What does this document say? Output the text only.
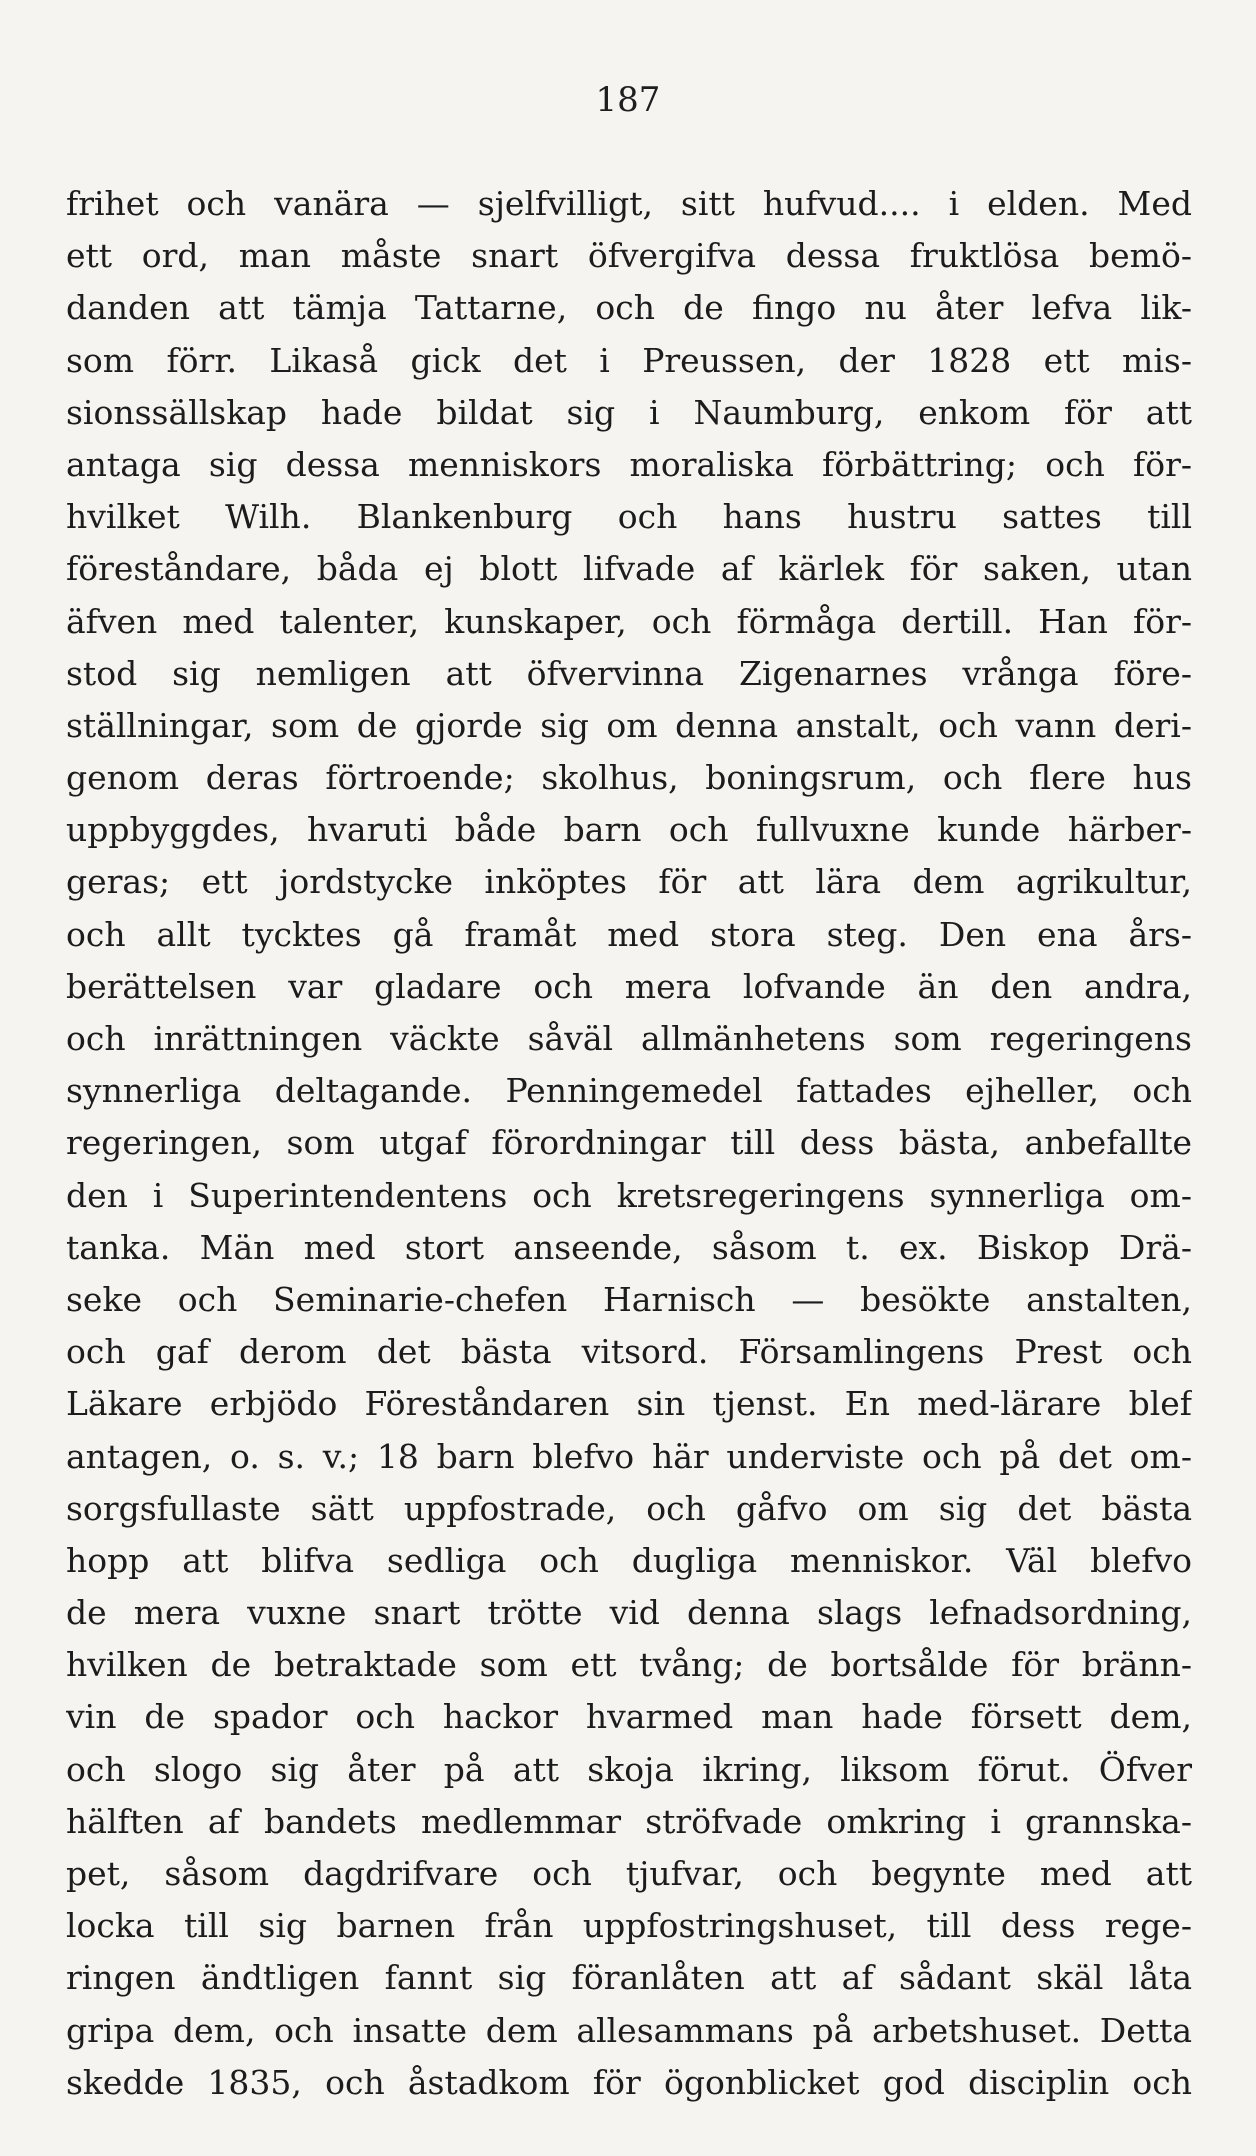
187
frihet och vanära — sjelfvilligt, sitt hufvud.... i elden. Med
ett ord, man måste snart öfvergifva dessa fruktlösa bemö-
danden att tämja Tattarne, och de fingo nu åter lefva lik-
som förr. Likaså gick det i Preussen, der 1828 ett mis-
sionssällskap hade bildat sig i Naumburg, enkom för att
antaga sig dessa menniskors moraliska förbättring; och för-
hvilket Wilh. Blankenburg och hans hustru sattes till
föreståndare, båda ej blott lifvade af kärlek för saken, utan
äfven med talenter, kunskaper, och förmåga dertill. Han för-
stod sig nemligen att öfvervinna Zigenarnes vrånga före-
ställningar, som de gjorde sig om denna anstalt, och vann deri-
genom deras förtroende; skolhus, boningsrum, och flere hus
uppbyggdes, hvaruti både barn och fullvuxne kunde härber-
geras; ett jordstycke inköptes för att lära dem agrikultur,
och allt tycktes gå framåt med stora steg. Den ena års-
berättelsen var gladare och mera lofvande än den andra,
och inrättningen väckte såväl allmänhetens som regeringens
synnerliga deltagande. Penningemedel fattades ejheller, och
regeringen, som utgaf förordningar till dess bästa, anbefallte
den i Superintendentens och kretsregeringens synnerliga om-
tanka. Män med stort anseende, såsom t. ex. Biskop Drä-
seke och Seminarie-chefen Harnisch — besökte anstalten,
och gaf derom det bästa vitsord. Församlingens Prest och
Läkare erbjödo Föreståndaren sin tjenst. En med-lärare blef
antagen, o. s. v.; 18 barn blefvo här underviste och på det om-
sorgsfullaste sätt uppfostrade, och gåfvo om sig det bästa
hopp att blifva sedliga och dugliga menniskor. Väl blefvo
de mera vuxne snart trötte vid denna slags lefnadsordning,
hvilken de betraktade som ett tvång; de bortsålde för bränn-
vin de spador och hackor hvarmed man hade försett dem,
och slogo sig åter på att skoja ikring, liksom förut. Öfver
hälften af bandets medlemmar ströfvade omkring i grannska-
pet, såsom dagdrifvare och tjufvar, och begynte med att
locka till sig barnen från uppfostringshuset, till dess rege-
ringen ändtligen fannt sig föranlåten att af sådant skäl låta
gripa dem, och insatte dem allesammans på arbetshuset. Detta
skedde 1835, och åstadkom för ögonblicket god disciplin och
